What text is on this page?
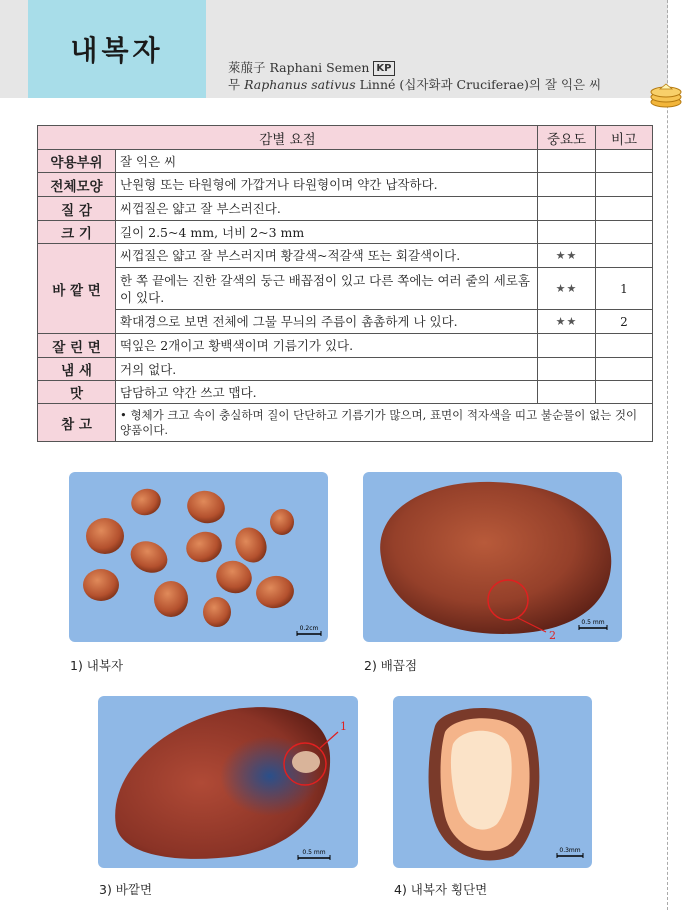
내복자
萊菔子 Raphani Semen KP
무 Raphanus sativus Linné (십자화과 Cruciferae)의 잘 익은 씨
감별 요점		중요도	비고
약용부위	잘 익은 씨		
전체모양	난원형 또는 타원형에 가깝거나 타원형이며 약간 납작하다.		
질 감	씨껍질은 얇고 잘 부스러진다.		
크 기	길이 2.5~4 mm, 너비 2~3 mm		
바 깥 면	씨껍질은 얇고 잘 부스러지며 황갈색~적갈색 또는 회갈색이다.	★★	
	한 쪽 끝에는 진한 갈색의 둥근 배꼽점이 있고 다른 쪽에는 여러 줄의 세로홈이 있다.	★★	1
	확대경으로 보면 전체에 그물 무늬의 주름이 촘촘하게 나 있다.	★★	2
잘 린 면	떡잎은 2개이고 황백색이며 기름기가 있다.		
냄 새	거의 없다.		
맛	담담하고 약간 쓰고 맵다.		
참 고	• 형체가 크고 속이 충실하며 질이 단단하고 기름기가 많으며, 표면이 적자색을 띠고 불순물이 없는 것이 양품이다.		
0.2cm
1) 내복자
2
0.5 mm
2) 배꼽점
1
0.5 mm
3) 바깥면
0.3mm
4) 내복자 횡단면
